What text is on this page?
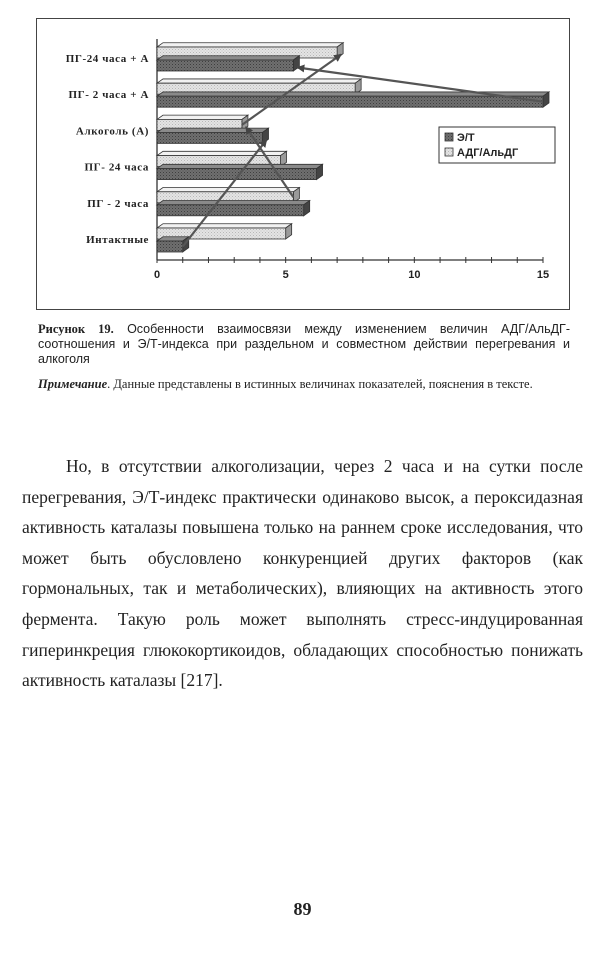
0	5	10	15
ПГ-24 часа + А
ПГ- 2 часа + А
Алкоголь (А)
ПГ- 24 часа
ПГ - 2 часа
Интактные
Э/Т
АДГ/АльДГ
Рисунок 19. Особенности взаимосвязи между изменением величин АДГ/АльДГ-соотношения и Э/Т-индекса при раздельном и совместном действии перегревания и алкоголя
Примечание. Данные представлены в истинных величинах показателей, пояснения в тексте.
Но, в отсутствии алкоголизации, через 2 часа и на сутки после перегревания, Э/Т-индекс практически одинаково высок, а пероксидазная активность каталазы повышена только на раннем сроке исследования, что может быть обусловлено конкуренцией других факторов (как гормональных, так и метаболических), влияющих на активность этого фермента. Такую роль может выполнять стресс-индуцированная гиперинкреция глюкокортикоидов, обладающих способностью понижать активность каталазы [217].
89
